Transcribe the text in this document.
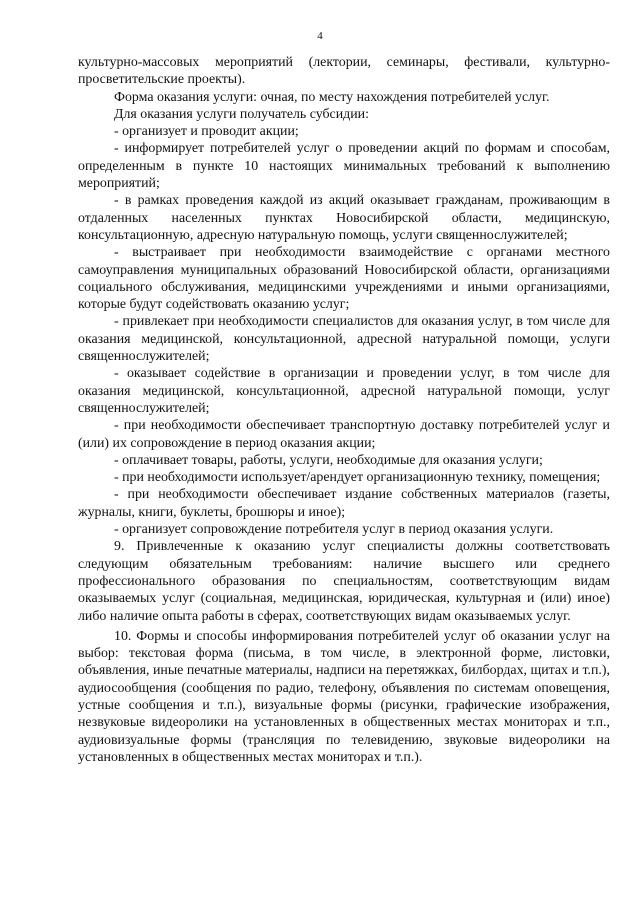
4

культурно-массовых мероприятий (лектории, семинары, фестивали, культурно-просветительские проекты).

Форма оказания услуги: очная, по месту нахождения потребителей услуг.

Для оказания услуги получатель субсидии:

- организует и проводит акции;

- информирует потребителей услуг о проведении акций по формам и способам, определенным в пункте 10 настоящих минимальных требований к выполнению мероприятий;

- в рамках проведения каждой из акций оказывает гражданам, проживающим в отдаленных населенных пунктах Новосибирской области, медицинскую, консультационную, адресную натуральную помощь, услуги священнослужителей;

- выстраивает при необходимости взаимодействие с органами местного самоуправления муниципальных образований Новосибирской области, организациями социального обслуживания, медицинскими учреждениями и иными организациями, которые будут содействовать оказанию услуг;

- привлекает при необходимости специалистов для оказания услуг, в том числе для оказания медицинской, консультационной, адресной натуральной помощи, услуги священнослужителей;

- оказывает содействие в организации и проведении услуг, в том числе для оказания медицинской, консультационной, адресной натуральной помощи, услуг священнослужителей;

- при необходимости обеспечивает транспортную доставку потребителей услуг и (или) их сопровождение в период оказания акции;

- оплачивает товары, работы, услуги, необходимые для оказания услуги;

- при необходимости использует/арендует организационную технику, помещения;

- при необходимости обеспечивает издание собственных материалов (газеты, журналы, книги, буклеты, брошюры и иное);

- организует сопровождение потребителя услуг в период оказания услуги.

9. Привлеченные к оказанию услуг специалисты должны соответствовать следующим обязательным требованиям: наличие высшего или среднего профессионального образования по специальностям, соответствующим видам оказываемых услуг (социальная, медицинская, юридическая, культурная и (или) иное) либо наличие опыта работы в сферах, соответствующих видам оказываемых услуг.

10. Формы и способы информирования потребителей услуг об оказании услуг на выбор: текстовая форма (письма, в том числе, в электронной форме, листовки, объявления, иные печатные материалы, надписи на перетяжках, билбордах, щитах и т.п.), аудиосообщения (сообщения по радио, телефону, объявления по системам оповещения, устные сообщения и т.п.), визуальные формы (рисунки, графические изображения, незвуковые видеоролики на установленных в общественных местах мониторах и т.п., аудиовизуальные формы (трансляция по телевидению, звуковые видеоролики на установленных в общественных местах мониторах и т.п.).
